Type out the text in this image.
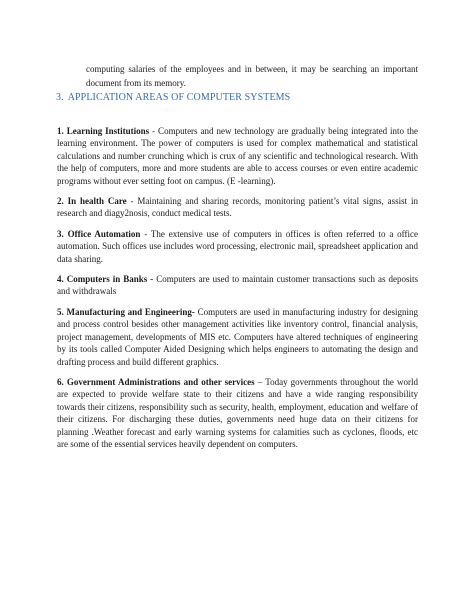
computing salaries of the employees and in between, it may be searching an important document from its memory.

3. APPLICATION AREAS OF COMPUTER SYSTEMS

1. Learning Institutions - Computers and new technology are gradually being integrated into the learning environment. The power of computers is used for complex mathematical and statistical calculations and number crunching which is crux of any scientific and technological research. With the help of computers, more and more students are able to access courses or even entire academic programs without ever setting foot on campus. (E -learning).

2. In health Care - Maintaining and sharing records, monitoring patient’s vital signs, assist in research and diagy2nosis, conduct medical tests.

3. Office Automation - The extensive use of computers in offices is often referred to a office automation. Such offices use includes word processing, electronic mail, spreadsheet application and data sharing.

4. Computers in Banks - Computers are used to maintain customer transactions such as deposits and withdrawals

5. Manufacturing and Engineering- Computers are used in manufacturing industry for designing and process control besides other management activities like inventory control, financial analysis, project management, developments of MIS etc. Computers have altered techniques of engineering by its tools called Computer Aided Designing which helps engineers to automating the design and drafting process and build different graphics.

6. Government Administrations and other services – Today governments throughout the world are expected to provide welfare state to their citizens and have a wide ranging responsibility towards their citizens, responsibility such as security, health, employment, education and welfare of their citizens. For discharging these duties, governments need huge data on their citizens for planning .Weather forecast and early warning systems for calamities such as cyclones, floods, etc are some of the essential services heavily dependent on computers.
